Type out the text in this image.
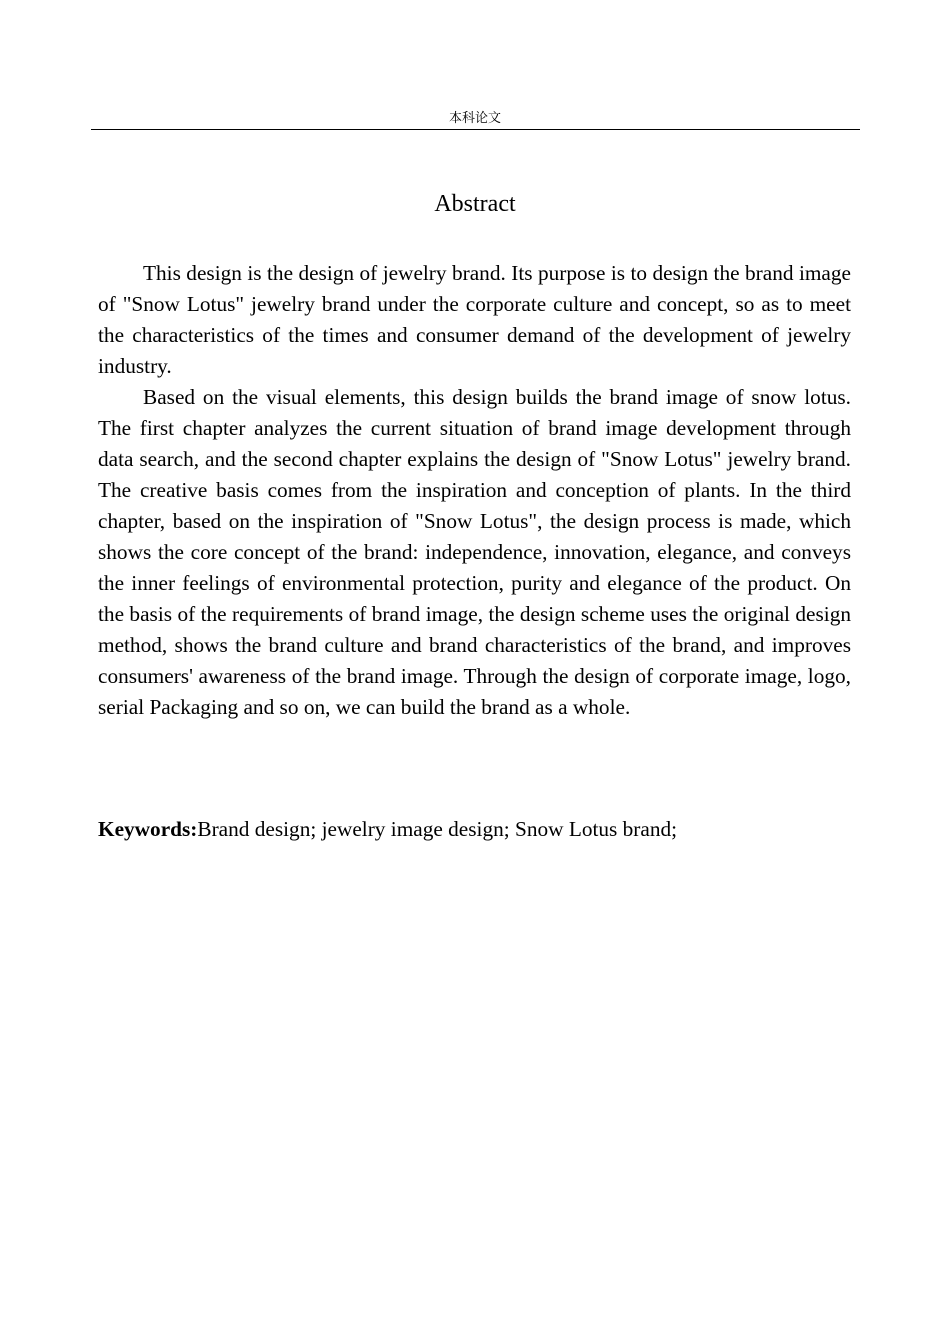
本科论文
Abstract

This design is the design of jewelry brand. Its purpose is to design the brand image of "Snow Lotus" jewelry brand under the corporate culture and concept, so as to meet the characteristics of the times and consumer demand of the development of jewelry industry.

Based on the visual elements, this design builds the brand image of snow lotus. The first chapter analyzes the current situation of brand image development through data search, and the second chapter explains the design of "Snow Lotus" jewelry brand. The creative basis comes from the inspiration and conception of plants. In the third chapter, based on the inspiration of "Snow Lotus", the design process is made, which shows the core concept of the brand: independence, innovation, elegance, and conveys the inner feelings of environmental protection, purity and elegance of the product. On the basis of the requirements of brand image, the design scheme uses the original design method, shows the brand culture and brand characteristics of the brand, and improves consumers' awareness of the brand image. Through the design of corporate image, logo, serial Packaging and so on, we can build the brand as a whole.

Keywords:Brand design; jewelry image design; Snow Lotus brand;
